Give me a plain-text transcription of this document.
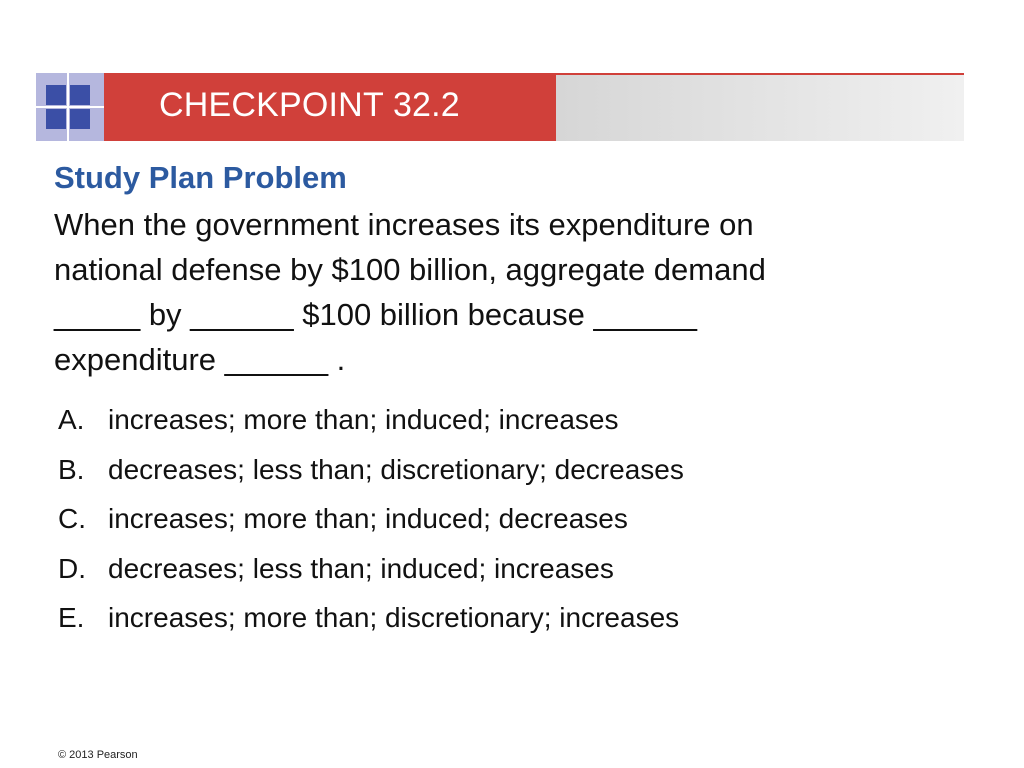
CHECKPOINT 32.2
Study Plan Problem

When the government increases its expenditure on
national defense by $100 billion, aggregate demand
_____ by ______ $100 billion because ______
expenditure ______ .

A. increases; more than; induced; increases
B. decreases; less than; discretionary; decreases
C. increases; more than; induced; decreases
D. decreases; less than; induced; increases
E. increases; more than; discretionary; increases
© 2013 Pearson
